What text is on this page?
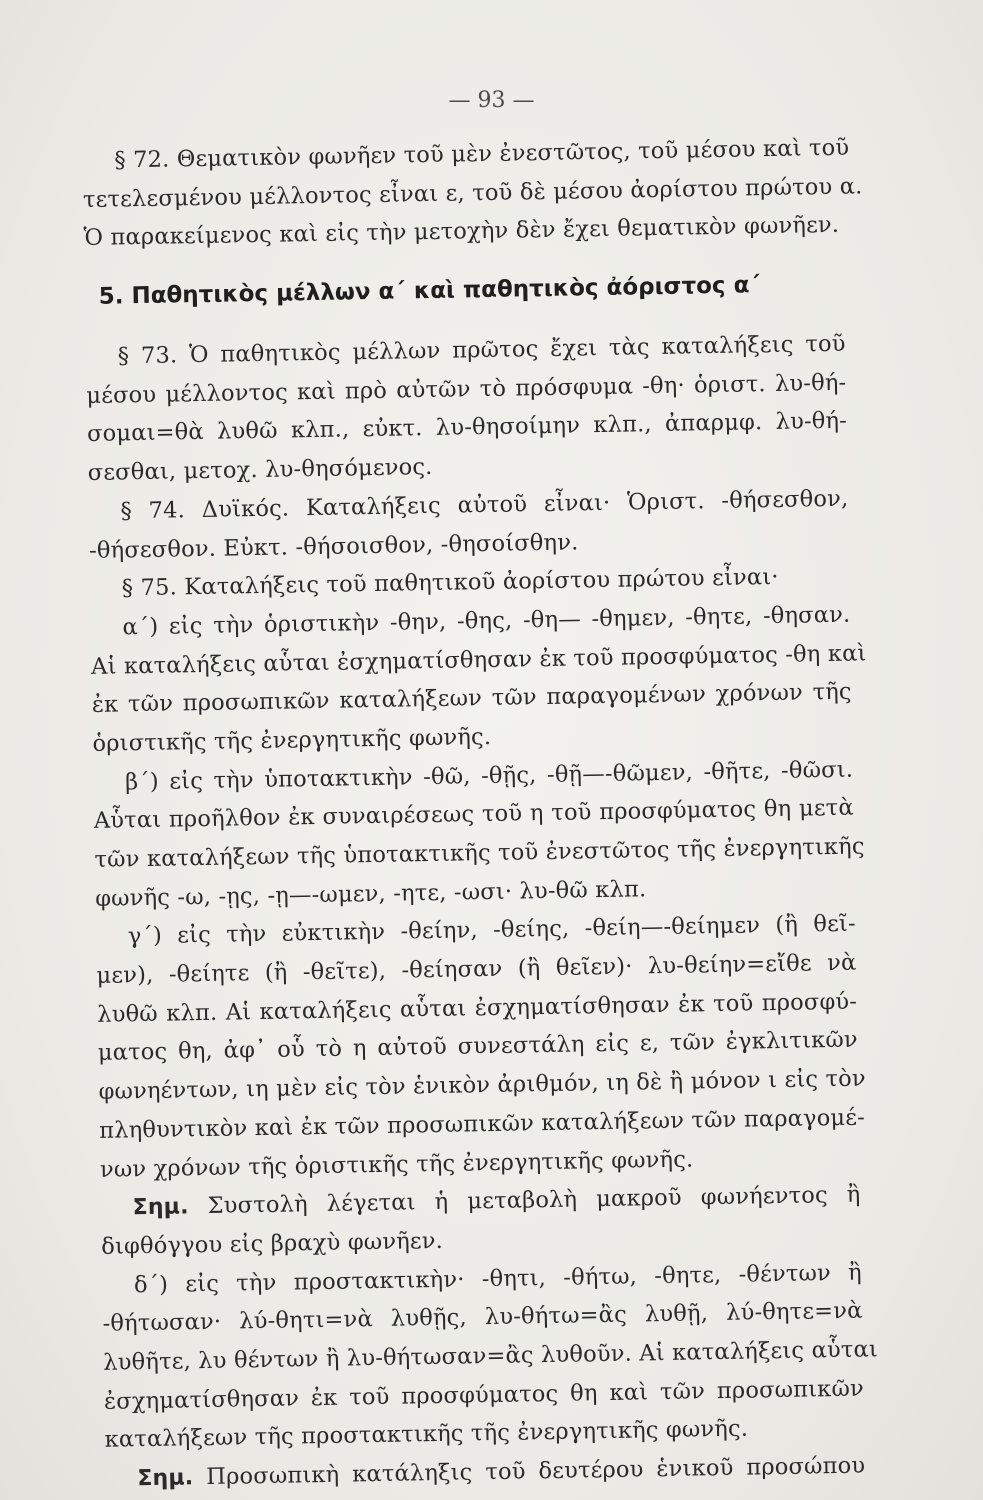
— 93 —
§ 72. Θεματικὸν φωνῆεν τοῦ μὲν ἐνεστῶτος, τοῦ μέσου καὶ τοῦ
τετελεσμένου μέλλοντος εἶναι ε, τοῦ δὲ μέσου ἀορίστου πρώτου α.
Ὁ παρακείμενος καὶ εἰς τὴν μετοχὴν δὲν ἔχει θεματικὸν φωνῆεν.
5. Παθητικὸς μέλλων α´ καὶ παθητικὸς ἀόριστος α´
§ 73. Ὁ παθητικὸς μέλλων πρῶτος ἔχει τὰς καταλήξεις τοῦ
μέσου μέλλοντος καὶ πρὸ αὐτῶν τὸ πρόσφυμα -θη· ὁριστ. λυ-θή-
σομαι=θὰ λυθῶ κλπ., εὐκτ. λυ-θησοίμην κλπ., ἀπαρμφ. λυ-θή-
σεσθαι, μετοχ. λυ-θησόμενος.
§ 74. Δυϊκός. Καταλήξεις αὐτοῦ εἶναι· Ὁριστ. -θήσεσθον,
-θήσεσθον. Εὐκτ. -θήσοισθον, -θησοίσθην.
§ 75. Καταλήξεις τοῦ παθητικοῦ ἀορίστου πρώτου εἶναι·
α´) εἰς τὴν ὁριστικὴν -θην, -θης, -θη— -θημεν, -θητε, -θησαν.
Αἱ καταλήξεις αὗται ἐσχηματίσθησαν ἐκ τοῦ προσφύματος -θη καὶ
ἐκ τῶν προσωπικῶν καταλήξεων τῶν παραγομένων χρόνων τῆς
ὁριστικῆς τῆς ἐνεργητικῆς φωνῆς.
β´) εἰς τὴν ὑποτακτικὴν -θῶ, -θῇς, -θῇ—-θῶμεν, -θῆτε, -θῶσι.
Αὗται προῆλθον ἐκ συναιρέσεως τοῦ η τοῦ προσφύματος θη μετὰ
τῶν καταλήξεων τῆς ὑποτακτικῆς τοῦ ἐνεστῶτος τῆς ἐνεργητικῆς
φωνῆς -ω, -ῃς, -ῃ—-ωμεν, -ητε, -ωσι· λυ-θῶ κλπ.
γ´) εἰς τὴν εὐκτικὴν -θείην, -θείης, -θείη—-θείημεν (ἢ θεῖ-
μεν), -θείητε (ἢ -θεῖτε), -θείησαν (ἢ θεῖεν)· λυ-θείην=εἴθε νὰ
λυθῶ κλπ. Αἱ καταλήξεις αὗται ἐσχηματίσθησαν ἐκ τοῦ προσφύ-
ματος θη, ἀφ᾽ οὗ τὸ η αὐτοῦ συνεστάλη εἰς ε, τῶν ἐγκλιτικῶν
φωνηέντων, ιη μὲν εἰς τὸν ἑνικὸν ἀριθμόν, ιη δὲ ἢ μόνον ι εἰς τὸν
πληθυντικὸν καὶ ἐκ τῶν προσωπικῶν καταλήξεων τῶν παραγομέ-
νων χρόνων τῆς ὁριστικῆς τῆς ἐνεργητικῆς φωνῆς.
Σημ. Συστολὴ λέγεται ἡ μεταβολὴ μακροῦ φωνήεντος ἢ
διφθόγγου εἰς βραχὺ φωνῆεν.
δ´) εἰς τὴν προστακτικὴν· -θητι, -θήτω, -θητε, -θέντων ἢ
-θήτωσαν· λύ-θητι=νὰ λυθῇς, λυ-θήτω=ἂς λυθῇ, λύ-θητε=νὰ
λυθῆτε, λυ θέντων ἢ λυ-θήτωσαν=ἂς λυθοῦν. Αἱ καταλήξεις αὗται
ἐσχηματίσθησαν ἐκ τοῦ προσφύματος θη καὶ τῶν προσωπικῶν
καταλήξεων τῆς προστακτικῆς τῆς ἐνεργητικῆς φωνῆς.
Σημ. Προσωπικὴ κατάληξις τοῦ δευτέρου ἑνικοῦ προσώπου
